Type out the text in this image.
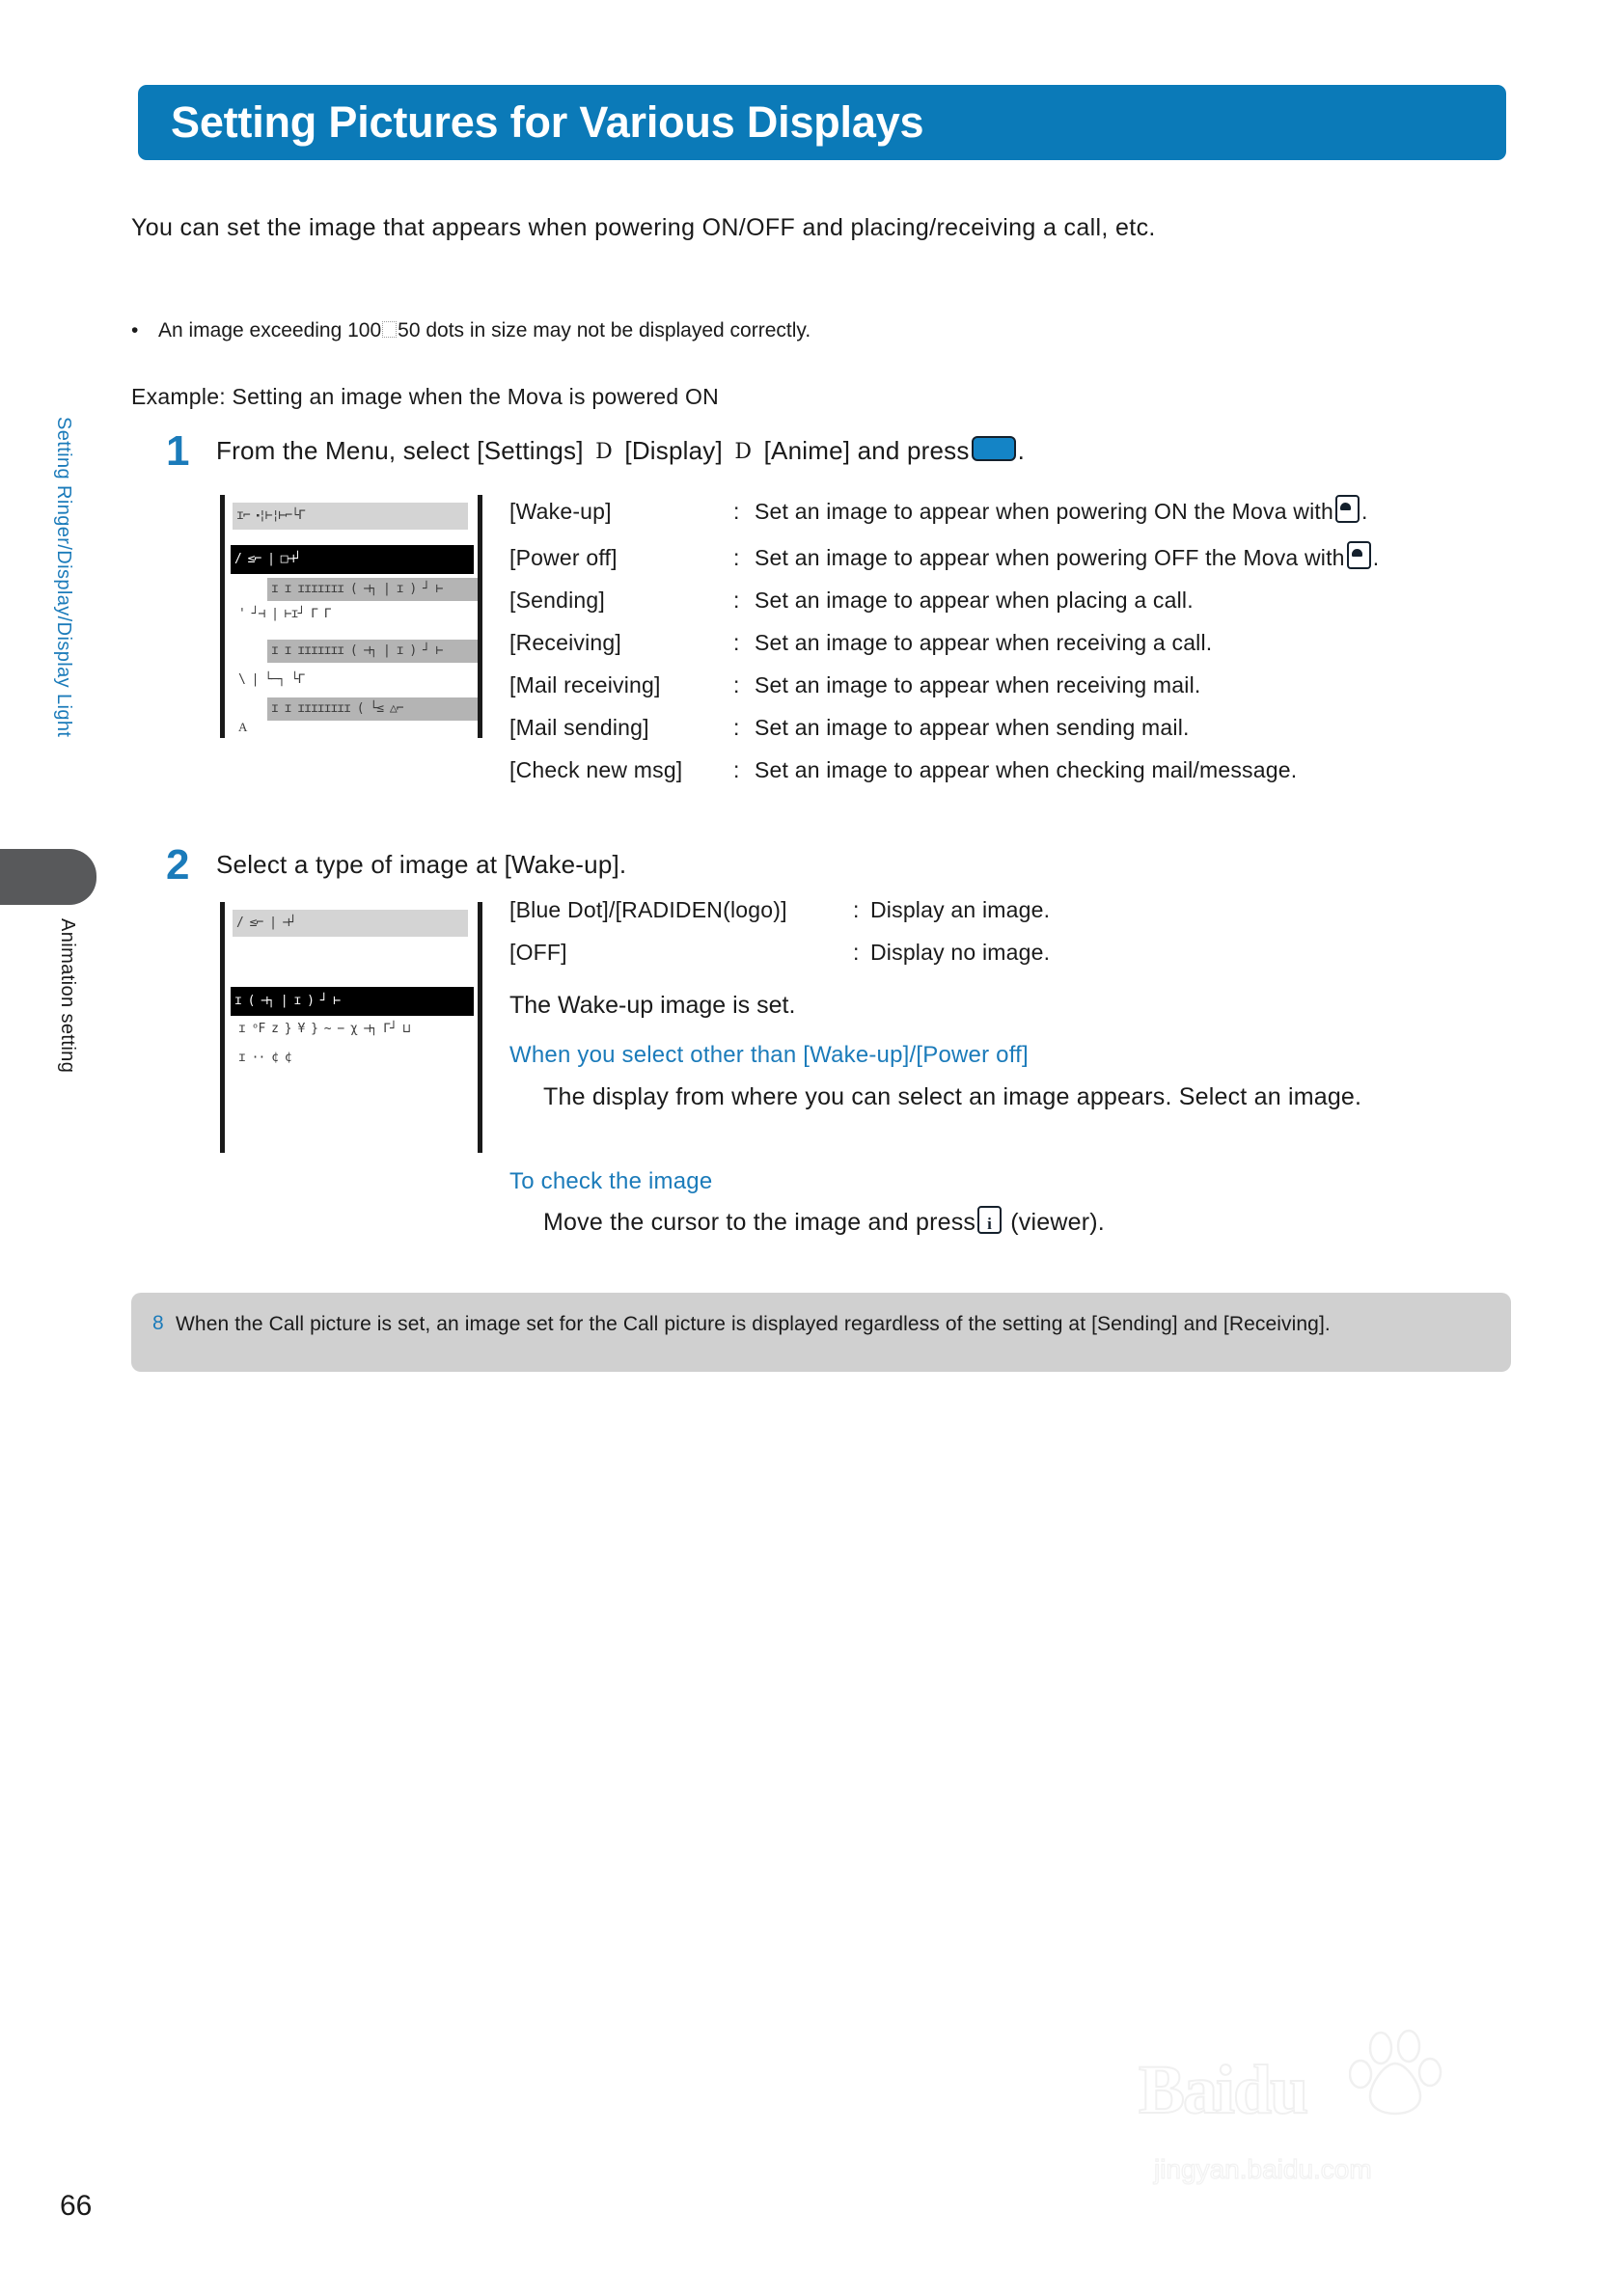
Setting Ringer/Display/Display Light
Animation setting
Setting Pictures for Various Displays
You can set the image that appears when powering ON/OFF and placing/receiving a call, etc.
• An image exceeding 100 50 dots in size may not be displayed correctly.
Example: Setting an image when the Mova is powered ON
1 From the Menu, select [Settings] D [Display] D [Anime] and press .
ɪ⌐ ⬝¦⊢¦⊢⌐└Γ
/ ≤⌐ | □⊣┘
ɪ ɪ ɪɪɪɪɪɪɪ ( ⊣┐ | ɪ ) ┘ ⊢
' ┘⊣ | ⊢ɪ┘ Γ Γ
ɪ ɪ ɪɪɪɪɪɪɪ ( ⊣┐ | ɪ ) ┘ ⊢
\ | └─┐ └Γ
ɪ ɪ ɪɪɪɪɪɪɪɪ ( └≤ △⌐
A
[Wake-up]	: Set an image to appear when powering ON the Mova with .
[Power off]	: Set an image to appear when powering OFF the Mova with .
[Sending]	: Set an image to appear when placing a call.
[Receiving]	: Set an image to appear when receiving a call.
[Mail receiving]	: Set an image to appear when receiving mail.
[Mail sending]	: Set an image to appear when sending mail.
[Check new msg]	: Set an image to appear when checking mail/message.
2 Select a type of image at [Wake-up].
/ ≤⌐ | ⊣┘
ɪ ( ⊣┐ | ɪ ) ┘ ⊢
ɪ ᵒF z } ¥ } ~ − χ ⊣┐ Γ┘ ⊔
ɪ ·· ¢ ¢
[Blue Dot]/[RADIDEN(logo)]	: Display an image.
[OFF]	: Display no image.
The Wake-up image is set.
When you select other than [Wake-up]/[Power off]
The display from where you can select an image appears. Select an image.
To check the image
Move the cursor to the image and press i (viewer).
8 When the Call picture is set, an image set for the Call picture is displayed regardless of the setting at [Sending] and [Receiving].
66
Baidu
jingyan.baidu.com
